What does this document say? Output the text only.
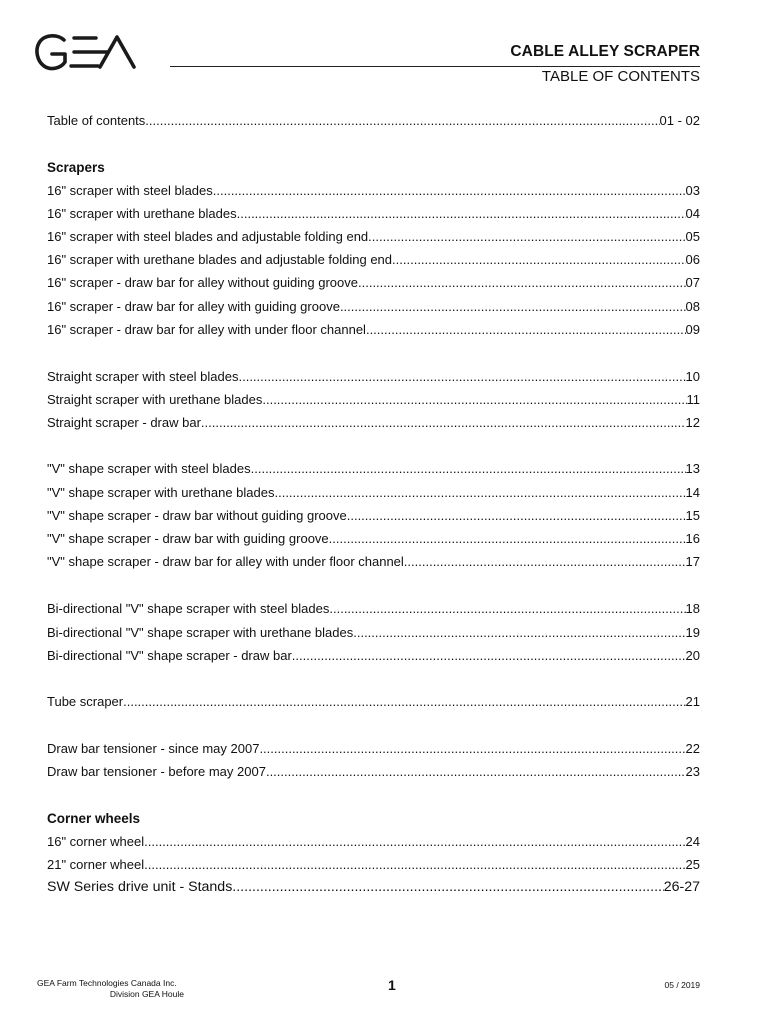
CABLE ALLEY SCRAPER
TABLE OF CONTENTS
Table of contents .....	01 - 02
Scrapers
16" scraper with steel blades .....	03
16" scraper with urethane blades .....	04
16" scraper with steel blades and adjustable folding end .....	05
16" scraper with urethane blades and adjustable folding end .....	06
16" scraper - draw bar for alley without guiding groove .....	07
16" scraper - draw bar for alley with guiding groove .....	08
16" scraper - draw bar for alley with under floor channel .....	09
Straight scraper with steel blades .....	10
Straight scraper with urethane blades .....	11
Straight scraper - draw bar .....	12
"V" shape scraper with steel blades .....	13
"V" shape scraper with urethane blades .....	14
"V" shape scraper - draw bar without guiding groove .....	15
"V" shape scraper - draw bar with guiding groove .....	16
"V" shape scraper - draw bar for alley with under floor channel .....	17
Bi-directional "V" shape scraper with steel blades .....	18
Bi-directional "V" shape scraper with urethane blades .....	19
Bi-directional "V" shape scraper - draw bar .....	20
Tube scraper .....	21
Draw bar tensioner - since may 2007 .....	22
Draw bar tensioner - before may 2007 .....	23
Corner wheels
16" corner wheel .....	24
21" corner wheel .....	25
SW Series drive unit - Stands .....	26-27
GEA Farm Technologies Canada Inc.
Division GEA Houle
1	05 / 2019
